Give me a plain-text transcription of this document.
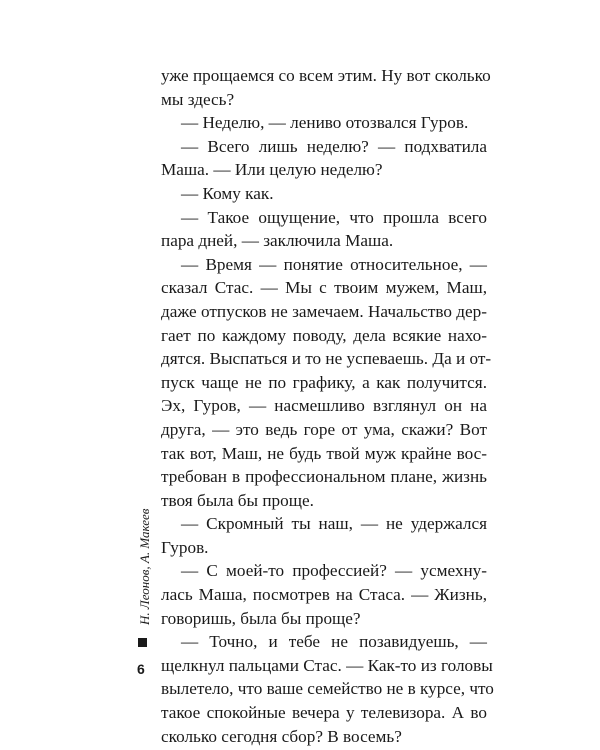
уже прощаемся со всем этим. Ну вот сколько
мы здесь?
— Неделю, — лениво отозвался Гуров.
— Всего лишь неделю? — подхватила
Маша. — Или целую неделю?
— Кому как.
— Такое ощущение, что прошла всего
пара дней, — заключила Маша.
— Время — понятие относительное, —
сказал Стас. — Мы с твоим мужем, Маш,
даже отпусков не замечаем. Начальство дер-
гает по каждому поводу, дела всякие нахо-
дятся. Выспаться и то не успеваешь. Да и от-
пуск чаще не по графику, а как получится.
Эх, Гуров, — насмешливо взглянул он на
друга, — это ведь горе от ума, скажи? Вот
так вот, Маш, не будь твой муж крайне вос-
требован в профессиональном плане, жизнь
твоя была бы проще.
— Скромный ты наш, — не удержался
Гуров.
— С моей-то профессией? — усмехну-
лась Маша, посмотрев на Стаса. — Жизнь,
говоришь, была бы проще?
— Точно, и тебе не позавидуешь, —
щелкнул пальцами Стас. — Как-то из головы
вылетело, что ваше семейство не в курсе, что
такое спокойные вечера у телевизора. А во
сколько сегодня сбор? В восемь?
Н. Леонов, А. Макеев
6
